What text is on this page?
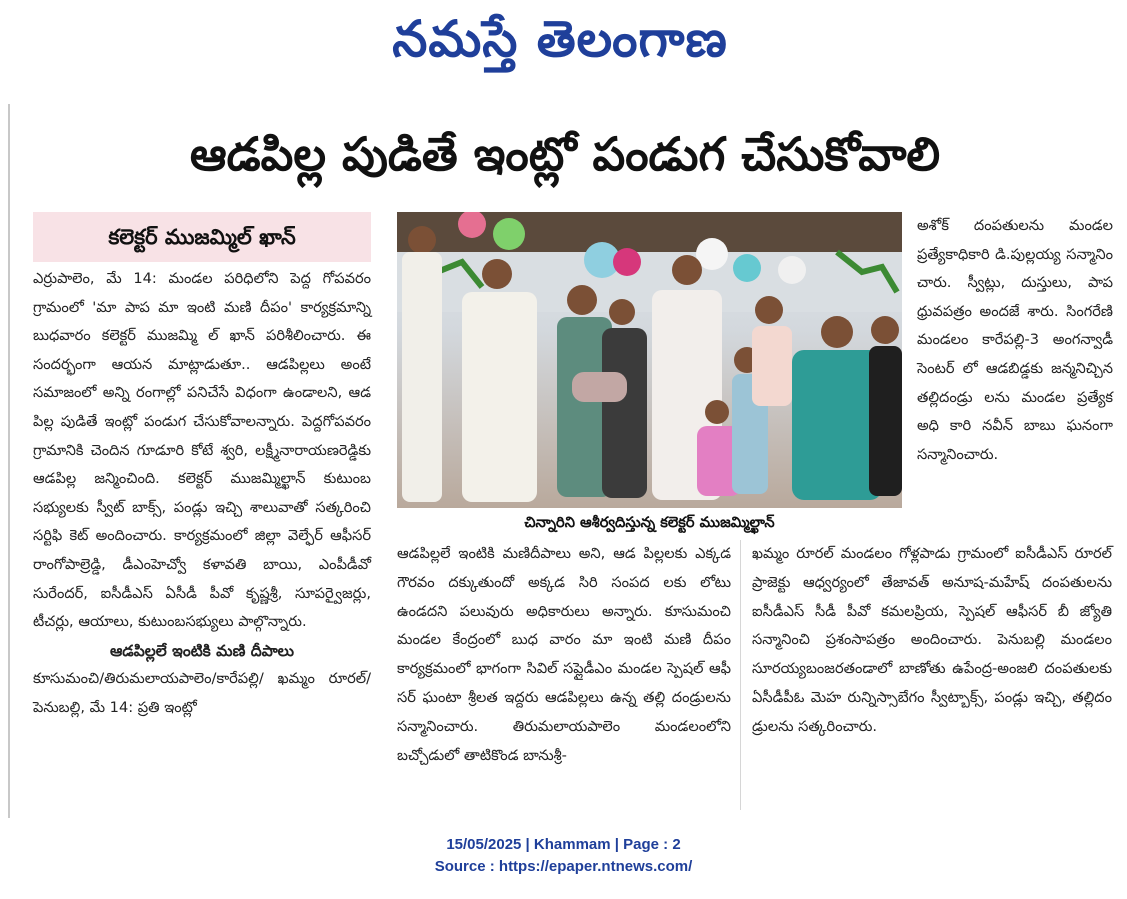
నమస్తే తెలంగాణ
ఆడపిల్ల పుడితే ఇంట్లో పండుగ చేసుకోవాలి
కలెక్టర్ ముజమ్మిల్ ఖాన్

ఎర్రుపాలెం, మే 14: మండల పరిధిలోని పెద్ద గోపవరం గ్రామంలో 'మా పాప మా ఇంటి మణి దీపం' కార్యక్రమాన్ని బుధవారం కలెక్టర్ ముజమ్మి ల్ ఖాన్ పరిశీలించారు. ఈ సందర్భంగా ఆయన మాట్లాడుతూ.. ఆడపిల్లలు అంటే సమాజంలో అన్ని రంగాల్లో పనిచేసే విధంగా ఉండాలని, ఆడ పిల్ల పుడితే ఇంట్లో పండుగ చేసుకోవాలన్నారు. పెద్దగోపవరం గ్రామానికి చెందిన గూడూరి కోటే శ్వరి, లక్ష్మీనారాయణరెడ్డికు ఆడపిల్ల జన్మించింది. కలెక్టర్ ముజమ్మిల్ఖాన్ కుటుంబ సభ్యులకు స్వీట్ బాక్స్, పండ్లు ఇచ్చి శాలువాతో సత్కరించి సర్టిఫి కెట్ అందించారు. కార్యక్రమంలో జిల్లా వెల్ఫేర్ ఆఫీసర్ రాంగోపాల్రెడ్డి, డీఎంహెచ్వో కళావతి బాయి, ఎంపీడీవో సురేందర్, ఐసీడీఎస్ ఏసీడీ పీవో కృష్ణశ్రీ, సూపర్వైజర్లు, టీచర్లు, ఆయాలు, కుటుంబసభ్యులు పాల్గొన్నారు.

ఆడపిల్లలే ఇంటికి మణి దీపాలు

కూసుమంచి/తిరుమలాయపాలెం/కారేపల్లి/ ఖమ్మం రూరల్/పెనుబల్లి, మే 14: ప్రతి ఇంట్లో

చిన్నారిని ఆశీర్వదిస్తున్న కలెక్టర్ ముజమ్మిల్ఖాన్

అశోక్ దంపతులను మండల ప్రత్యేకాధికారి డి.పుల్లయ్య సన్మానిం చారు. స్వీట్లు, దుస్తులు, పాప ధ్రువపత్రం అందజే శారు. సింగరేణి మండలం కారేపల్లి-3 అంగన్వాడీ సెంటర్ లో ఆడబిడ్డకు జన్మనిచ్చిన తల్లిదండ్రు లను మండల ప్రత్యేక అధి కారి నవీన్ బాబు ఘనంగా సన్మానించారు.

ఆడపిల్లలే ఇంటికి మణిదీపాలు అని, ఆడ పిల్లలకు ఎక్కడ గౌరవం దక్కుతుందో అక్కడ సిరి సంపద లకు లోటు ఉండదని పలువురు అధికారులు అన్నారు. కూసుమంచి మండల కేంద్రంలో బుధ వారం మా ఇంటి మణి దీపం కార్యక్రమంలో భాగంగా సివిల్ సప్లైడీఎం మండల స్పెషల్ ఆఫీ సర్ ఘంటా శ్రీలత ఇద్దరు ఆడపిల్లలు ఉన్న తల్లి దండ్రులను సన్మానించారు. తిరుమలాయపాలెం మండలంలోని బచ్చోడులో తాటికొండ బానుశ్రీ-

ఖమ్మం రూరల్ మండలం గోళ్లపాడు గ్రామంలో ఐసీడీఎస్ రూరల్ ప్రాజెక్టు ఆధ్వర్యంలో తేజావత్ అనూష-మహేష్ దంపతులను ఐసీడీఎస్ సీడీ పీవో కమలప్రియ, స్పెషల్ ఆఫీసర్ బీ జ్యోతి సన్మానించి ప్రశంసాపత్రం అందించారు. పెనుబల్లి మండలం సూరయ్యబంజరతండాలో బాణోతు ఉపేంద్ర-అంజలి దంపతులకు ఏసీడీపీఓ మెహ రున్నిస్సాబేగం స్వీట్బాక్స్, పండ్లు ఇచ్చి, తల్లిదం డ్రులను సత్కరించారు.

15/05/2025 | Khammam | Page : 2
Source : https://epaper.ntnews.com/
